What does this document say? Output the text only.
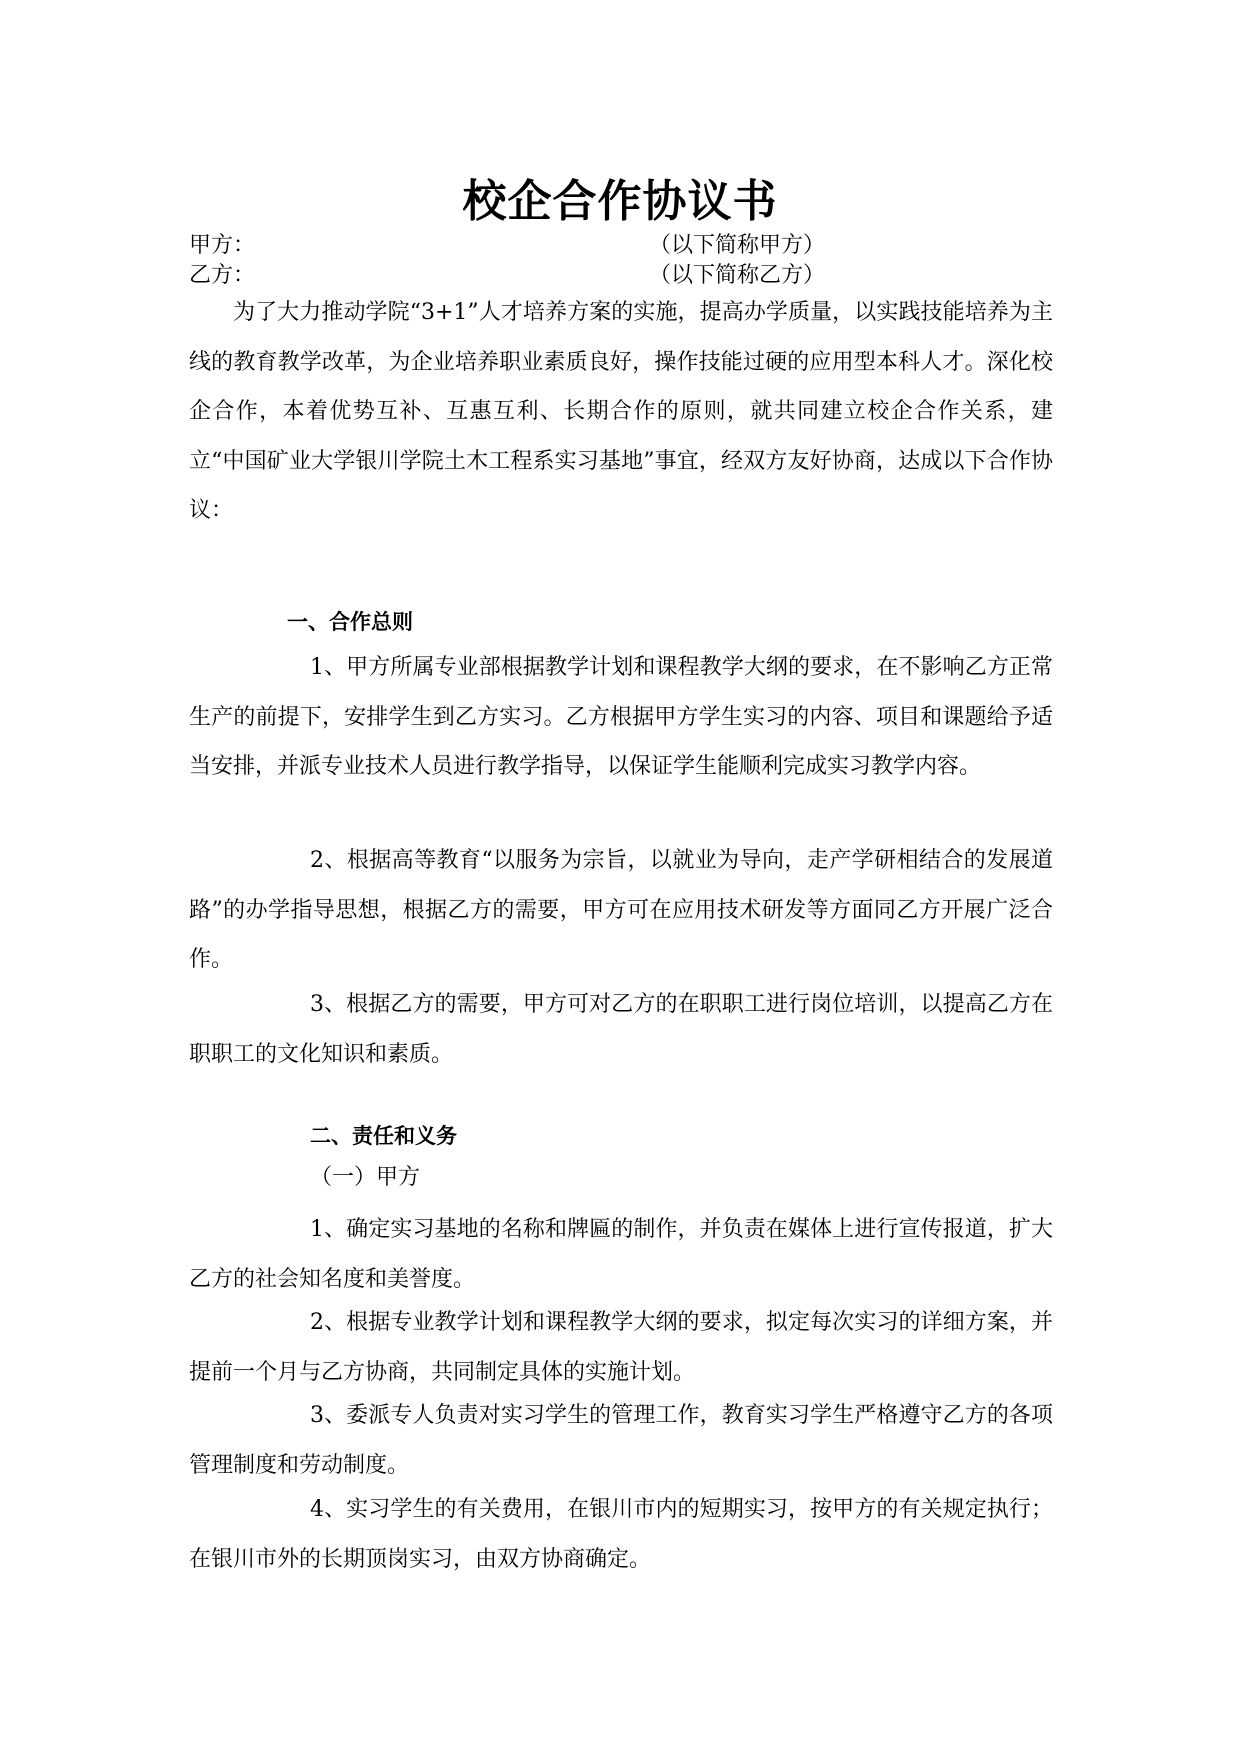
校企合作协议书
甲方：	（以下简称甲方）
乙方：	（以下简称乙方）
为了大力推动学院“3+1”人才培养方案的实施，提高办学质量，以实践技能培养为主线的教育教学改革，为企业培养职业素质良好，操作技能过硬的应用型本科人才。深化校企合作，本着优势互补、互惠互利、长期合作的原则，就共同建立校企合作关系，建立“中国矿业大学银川学院土木工程系实习基地”事宜，经双方友好协商，达成以下合作协议：
一、合作总则
1、甲方所属专业部根据教学计划和课程教学大纲的要求，在不影响乙方正常生产的前提下，安排学生到乙方实习。乙方根据甲方学生实习的内容、项目和课题给予适当安排，并派专业技术人员进行教学指导，以保证学生能顺利完成实习教学内容。
2、根据高等教育“以服务为宗旨，以就业为导向，走产学研相结合的发展道路”的办学指导思想，根据乙方的需要，甲方可在应用技术研发等方面同乙方开展广泛合作。
3、根据乙方的需要，甲方可对乙方的在职职工进行岗位培训，以提高乙方在职职工的文化知识和素质。
二、责任和义务
（一）甲方
1、确定实习基地的名称和牌匾的制作，并负责在媒体上进行宣传报道，扩大乙方的社会知名度和美誉度。
2、根据专业教学计划和课程教学大纲的要求，拟定每次实习的详细方案，并提前一个月与乙方协商，共同制定具体的实施计划。
3、委派专人负责对实习学生的管理工作，教育实习学生严格遵守乙方的各项管理制度和劳动制度。
4、实习学生的有关费用，在银川市内的短期实习，按甲方的有关规定执行；在银川市外的长期顶岗实习，由双方协商确定。
